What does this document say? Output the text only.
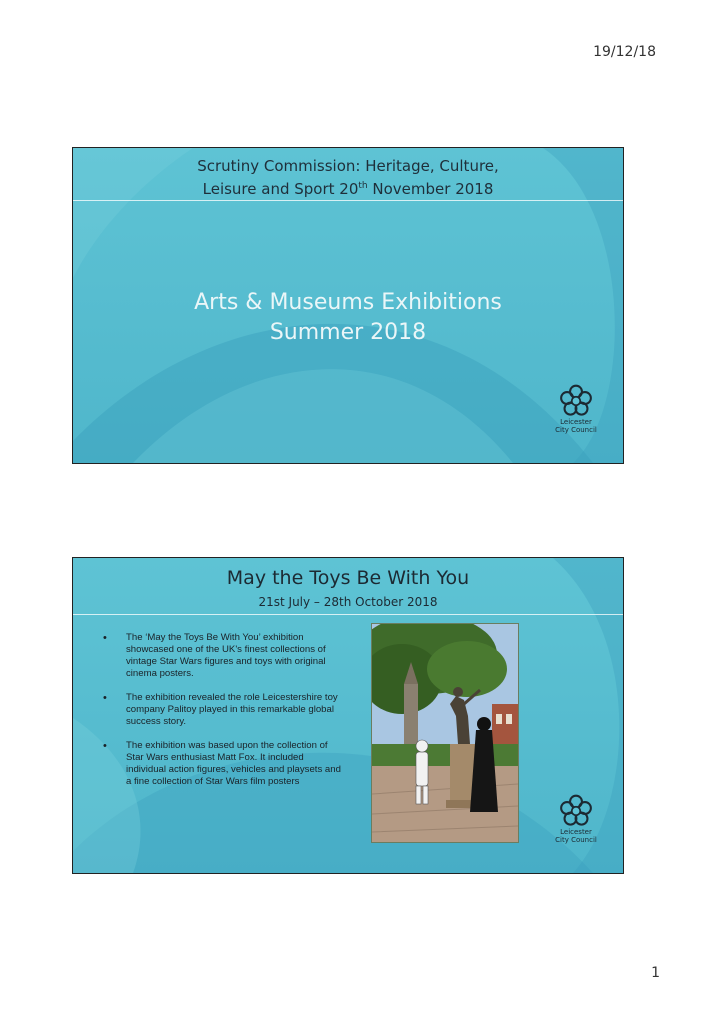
19/12/18
Scrutiny Commission: Heritage, Culture,
Leisure and Sport 20th November 2018
Arts & Museums Exhibitions
Summer 2018
Leicester
City Council
May the Toys Be With You
21st July – 28th October 2018
• The ‘May the Toys Be With You’ exhibition showcased one of the UK's finest collections of vintage Star Wars figures and toys with original cinema posters.
• The exhibition revealed the role Leicestershire toy company Palitoy played in this remarkable global success story.
• The exhibition was based upon the collection of Star Wars enthusiast Matt Fox. It included individual action figures, vehicles and playsets and a fine collection of Star Wars film posters
Leicester
City Council
1
